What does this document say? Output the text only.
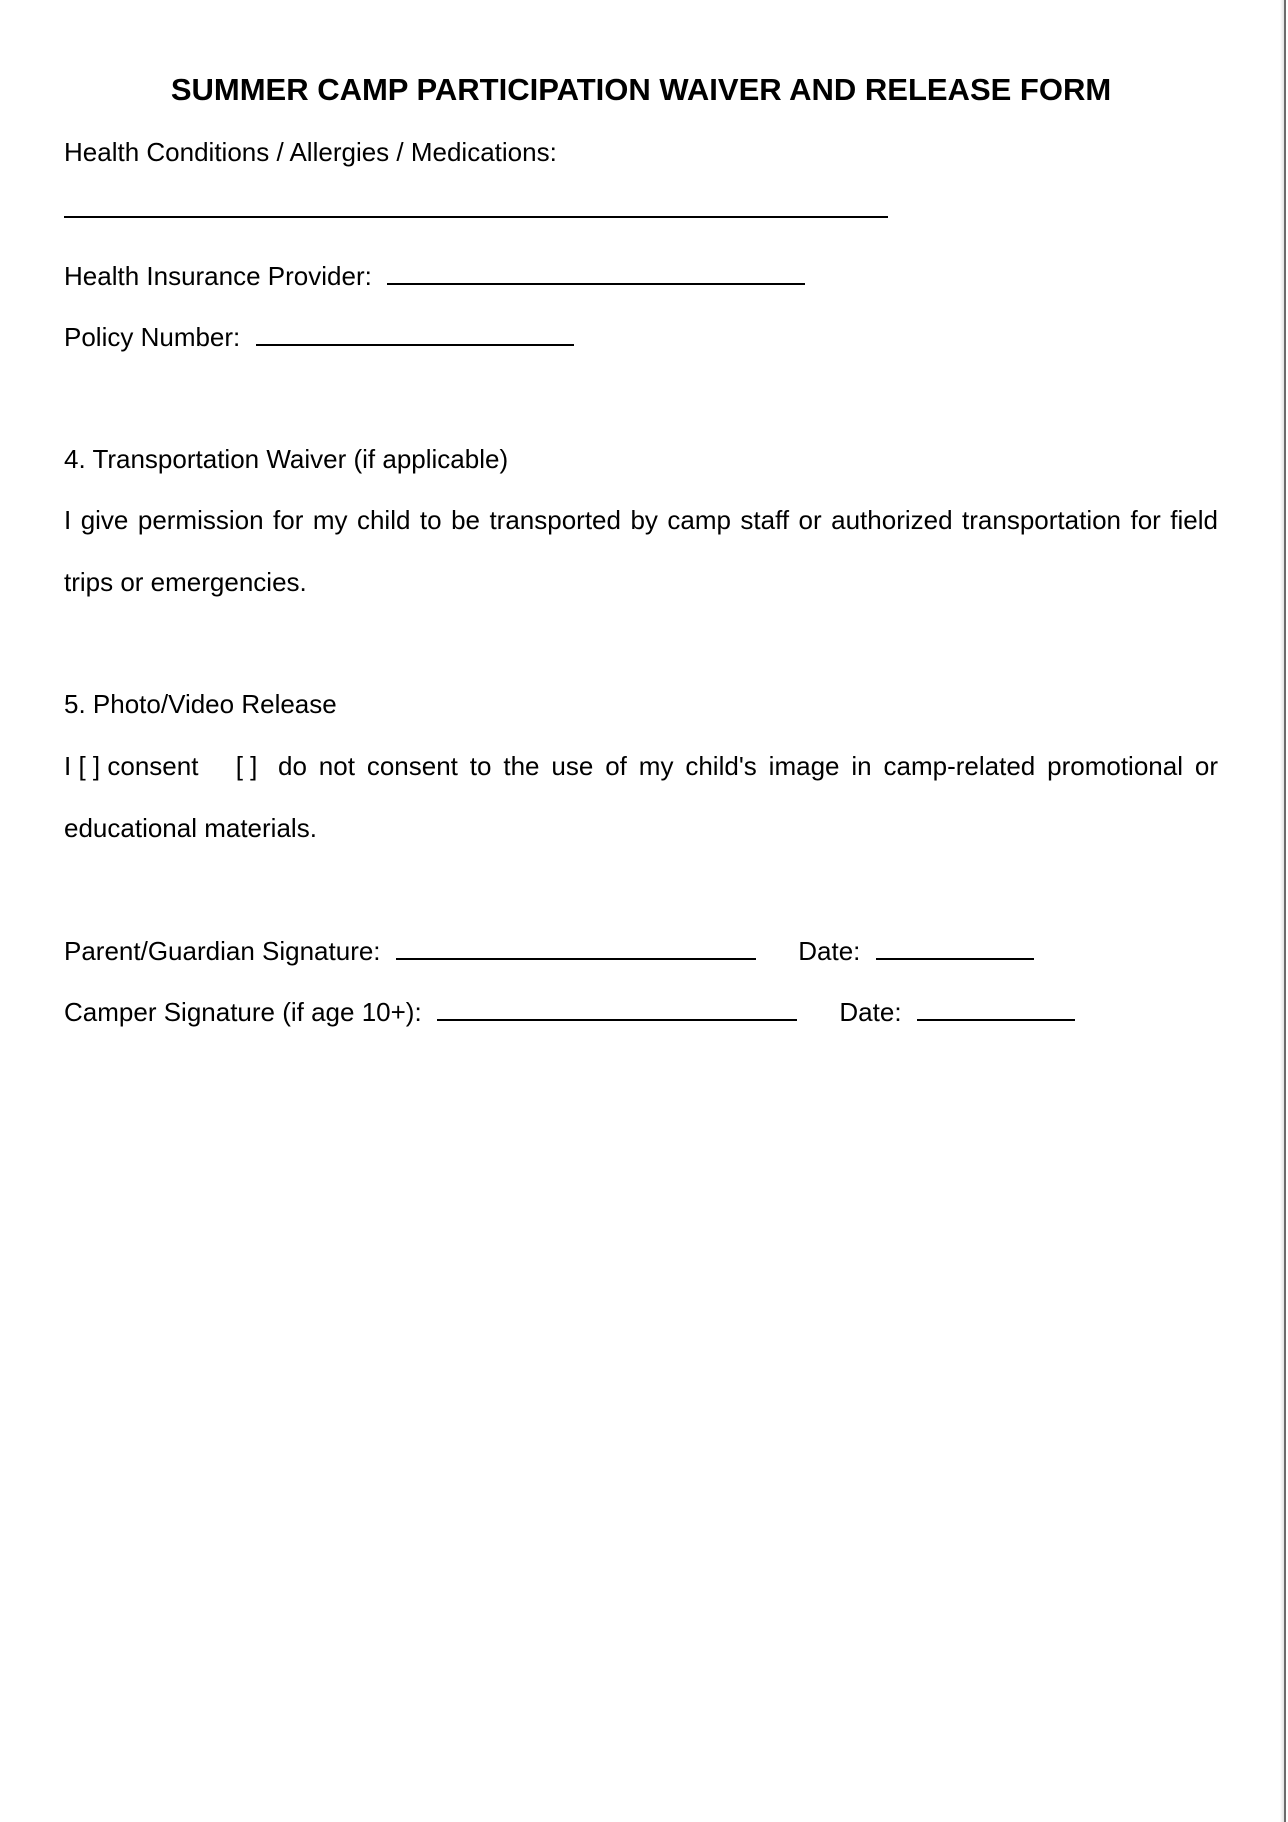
SUMMER CAMP PARTICIPATION WAIVER AND RELEASE FORM
Health Conditions / Allergies / Medications:
Health Insurance Provider:
Policy Number:
4. Transportation Waiver (if applicable)
I give permission for my child to be transported by camp staff or authorized transportation for field
trips or emergencies.
5. Photo/Video Release
I [ ] consent [ ] do not consent to the use of my child's image in camp-related promotional or
educational materials.
Parent/Guardian Signature:	Date:
Camper Signature (if age 10+):	Date:
